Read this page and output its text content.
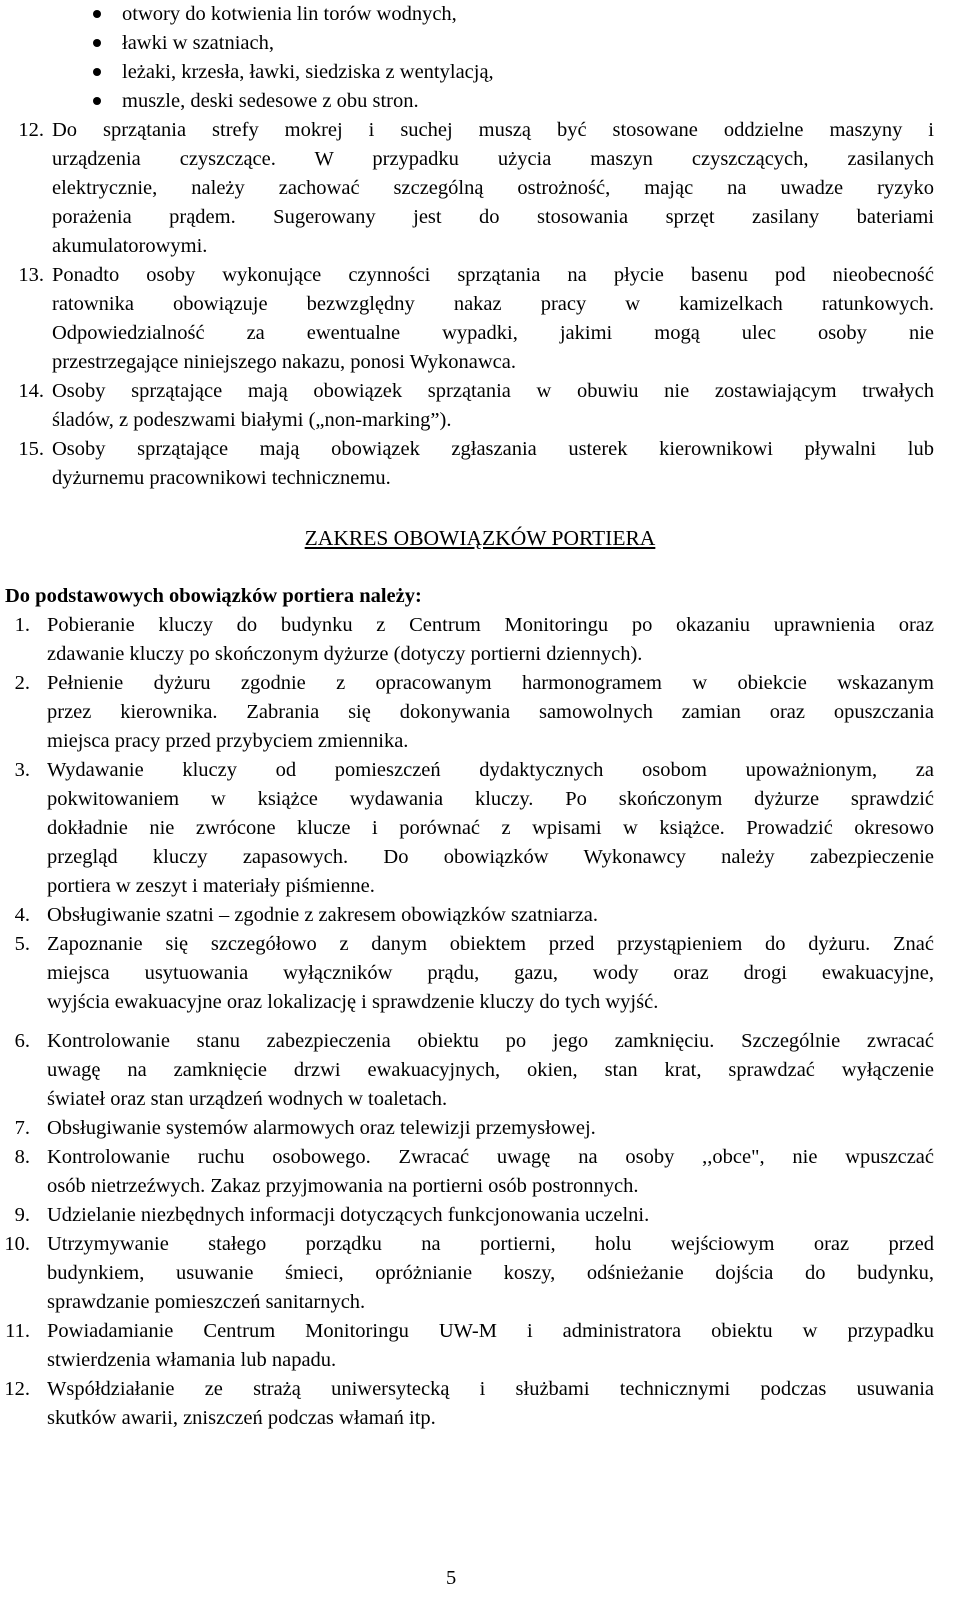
otwory do kotwienia lin torów wodnych,
ławki w szatniach,
leżaki, krzesła, ławki, siedziska z wentylacją,
muszle, deski sedesowe z obu stron.
12. Do sprzątania strefy mokrej i suchej muszą być stosowane oddzielne maszyny i
urządzenia czyszczące. W przypadku użycia maszyn czyszczących, zasilanych
elektrycznie, należy zachować szczególną ostrożność, mając na uwadze ryzyko
porażenia prądem. Sugerowany jest do stosowania sprzęt zasilany bateriami
akumulatorowymi.
13. Ponadto osoby wykonujące czynności sprzątania na płycie basenu pod nieobecność
ratownika obowiązuje bezwzględny nakaz pracy w kamizelkach ratunkowych.
Odpowiedzialność za ewentualne wypadki, jakimi mogą ulec osoby nie
przestrzegające niniejszego nakazu, ponosi Wykonawca.
14. Osoby sprzątające mają obowiązek sprzątania w obuwiu nie zostawiającym trwałych
śladów, z podeszwami białymi („non-marking”).
15. Osoby sprzątające mają obowiązek zgłaszania usterek kierownikowi pływalni lub
dyżurnemu pracownikowi technicznemu.
ZAKRES OBOWIĄZKÓW PORTIERA
Do podstawowych obowiązków portiera należy:
1. Pobieranie kluczy do budynku z Centrum Monitoringu po okazaniu uprawnienia oraz
zdawanie kluczy po skończonym dyżurze (dotyczy portierni dziennych).
2. Pełnienie dyżuru zgodnie z opracowanym harmonogramem w obiekcie wskazanym
przez kierownika. Zabrania się dokonywania samowolnych zamian oraz opuszczania
miejsca pracy przed przybyciem zmiennika.
3. Wydawanie kluczy od pomieszczeń dydaktycznych osobom upoważnionym, za
pokwitowaniem w książce wydawania kluczy. Po skończonym dyżurze sprawdzić
dokładnie nie zwrócone klucze i porównać z wpisami w książce. Prowadzić okresowo
przegląd kluczy zapasowych. Do obowiązków Wykonawcy należy zabezpieczenie
portiera w zeszyt i materiały piśmienne.
4. Obsługiwanie szatni – zgodnie z zakresem obowiązków szatniarza.
5. Zapoznanie się szczegółowo z danym obiektem przed przystąpieniem do dyżuru. Znać
miejsca usytuowania wyłączników prądu, gazu, wody oraz drogi ewakuacyjne,
wyjścia ewakuacyjne oraz lokalizację i sprawdzenie kluczy do tych wyjść.
6. Kontrolowanie stanu zabezpieczenia obiektu po jego zamknięciu. Szczególnie zwracać
uwagę na zamknięcie drzwi ewakuacyjnych, okien, stan krat, sprawdzać wyłączenie
świateł oraz stan urządzeń wodnych w toaletach.
7. Obsługiwanie systemów alarmowych oraz telewizji przemysłowej.
8. Kontrolowanie ruchu osobowego. Zwracać uwagę na osoby ,,obce", nie wpuszczać
osób nietrzeźwych. Zakaz przyjmowania na portierni osób postronnych.
9. Udzielanie niezbędnych informacji dotyczących funkcjonowania uczelni.
10. Utrzymywanie stałego porządku na portierni, holu wejściowym oraz przed
budynkiem, usuwanie śmieci, opróżnianie koszy, odśnieżanie dojścia do budynku,
sprawdzanie pomieszczeń sanitarnych.
11. Powiadamianie Centrum Monitoringu UW-M i administratora obiektu w przypadku
stwierdzenia włamania lub napadu.
12. Współdziałanie ze strażą uniwersytecką i służbami technicznymi podczas usuwania
skutków awarii, zniszczeń podczas włamań itp.
5
